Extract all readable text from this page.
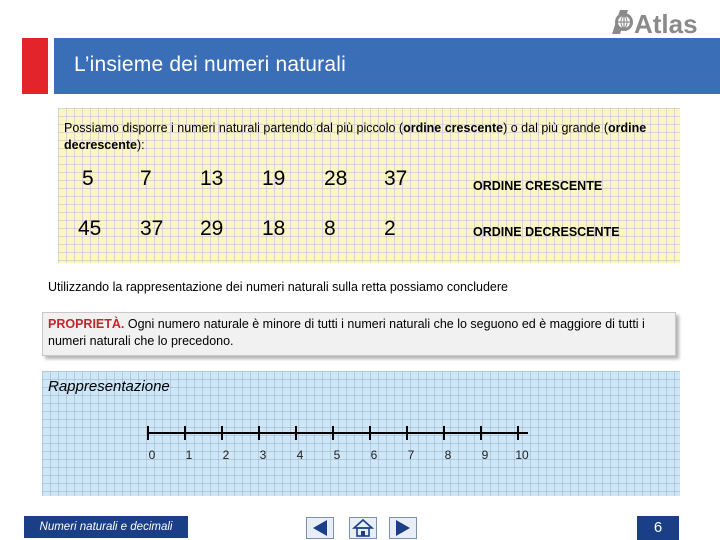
Atlas
L’insieme dei numeri naturali
Possiamo disporre i numeri naturali partendo dal più piccolo (ordine crescente) o dal più grande (ordine decrescente):
5 7 13 19 28 37	ORDINE CRESCENTE
45 37 29 18 8 2	ORDINE DECRESCENTE
Utilizzando la rappresentazione dei numeri naturali sulla retta possiamo concludere
PROPRIETÀ. Ogni numero naturale è minore di tutti i numeri naturali che lo seguono ed è maggiore di tutti i numeri naturali che lo precedono.
Rappresentazione
0	1	2	3	4	5	6	7	8	9 10
Numeri naturali e decimali	6
